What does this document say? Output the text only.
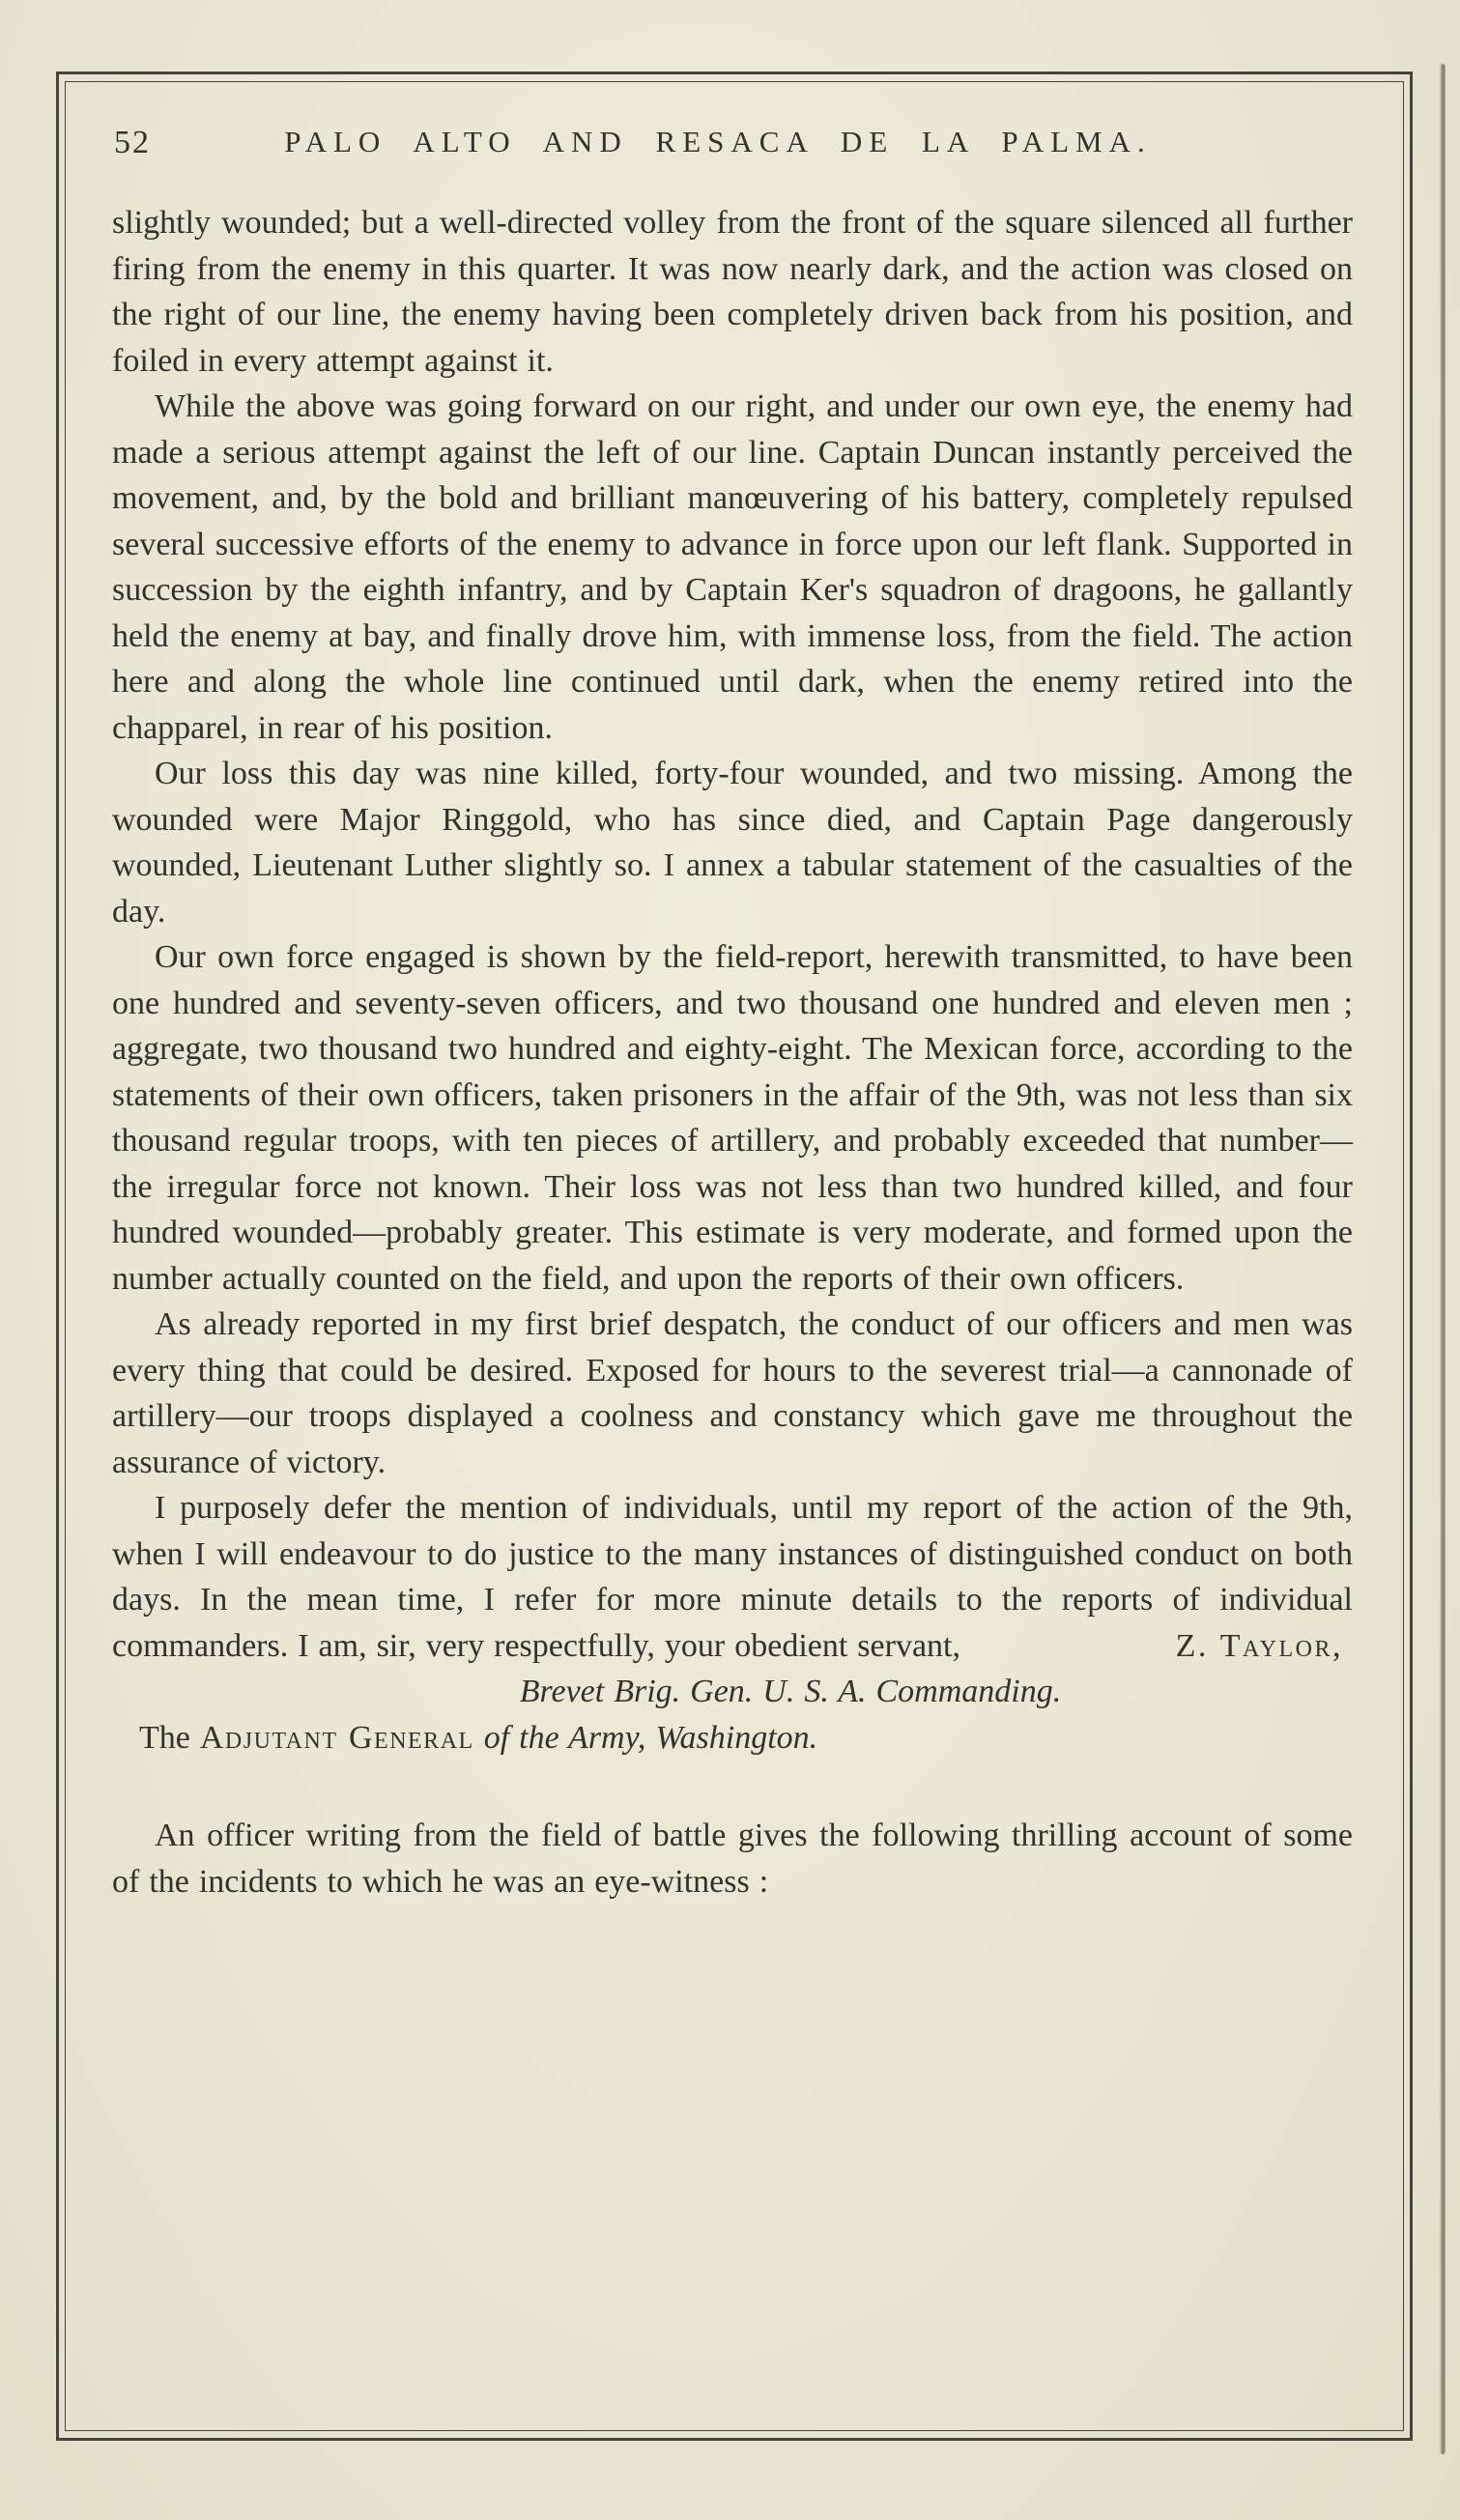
52	PALO ALTO AND RESACA DE LA PALMA.

slightly wounded; but a well-directed volley from the front of the square silenced all further firing from the enemy in this quarter. It was now nearly dark, and the action was closed on the right of our line, the enemy having been completely driven back from his position, and foiled in every attempt against it.

While the above was going forward on our right, and under our own eye, the enemy had made a serious attempt against the left of our line. Captain Duncan instantly perceived the movement, and, by the bold and brilliant manœuvering of his battery, completely repulsed several successive efforts of the enemy to advance in force upon our left flank. Supported in succession by the eighth infantry, and by Captain Ker's squadron of dragoons, he gallantly held the enemy at bay, and finally drove him, with immense loss, from the field. The action here and along the whole line continued until dark, when the enemy retired into the chapparel, in rear of his position.

Our loss this day was nine killed, forty-four wounded, and two missing. Among the wounded were Major Ringgold, who has since died, and Captain Page dangerously wounded, Lieutenant Luther slightly so. I annex a tabular statement of the casualties of the day.

Our own force engaged is shown by the field-report, herewith transmitted, to have been one hundred and seventy-seven officers, and two thousand one hundred and eleven men ; aggregate, two thousand two hundred and eighty-eight. The Mexican force, according to the statements of their own officers, taken prisoners in the affair of the 9th, was not less than six thousand regular troops, with ten pieces of artillery, and probably exceeded that number—the irregular force not known. Their loss was not less than two hundred killed, and four hundred wounded—probably greater. This estimate is very moderate, and formed upon the number actually counted on the field, and upon the reports of their own officers.

As already reported in my first brief despatch, the conduct of our officers and men was every thing that could be desired. Exposed for hours to the severest trial—a cannonade of artillery—our troops displayed a coolness and constancy which gave me throughout the assurance of victory.

I purposely defer the mention of individuals, until my report of the action of the 9th, when I will endeavour to do justice to the many instances of distinguished conduct on both days. In the mean time, I refer for more minute details to the reports of individual commanders. I am, sir, very respectfully, your obedient servant,	Z. Taylor,

Brevet Brig. Gen. U. S. A. Commanding.

The Adjutant General of the Army, Washington.

An officer writing from the field of battle gives the following thrilling account of some of the incidents to which he was an eye-witness :
